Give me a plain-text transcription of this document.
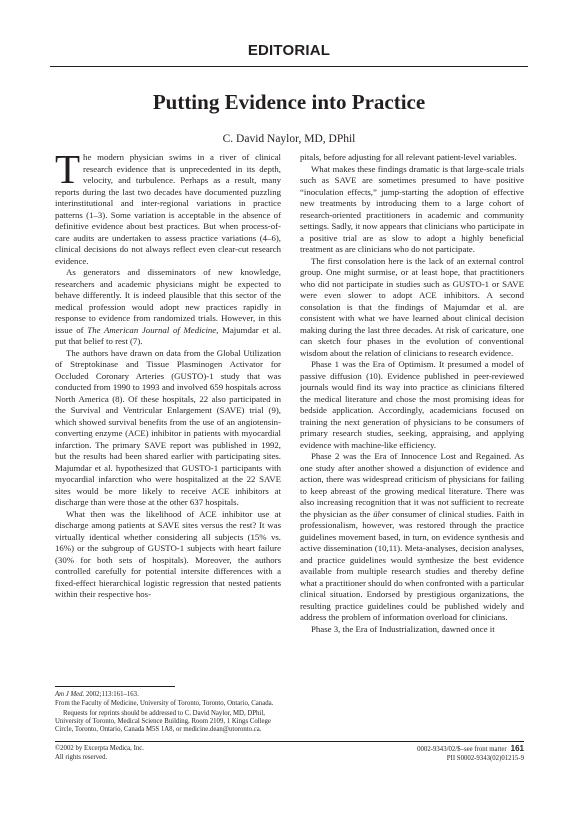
EDITORIAL
Putting Evidence into Practice
C. David Naylor, MD, DPhil

The modern physician swims in a river of clinical research evidence that is unprecedented in its depth, velocity, and turbulence. Perhaps as a result, many reports during the last two decades have documented puzzling interinstitutional and inter-regional variations in practice patterns (1–3). Some variation is acceptable in the absence of definitive evidence about best practices. But when process-of-care audits are undertaken to assess practice variations (4–6), clinical decisions do not always reflect even clear-cut research evidence.

As generators and disseminators of new knowledge, researchers and academic physicians might be expected to behave differently. It is indeed plausible that this sector of the medical profession would adopt new practices rapidly in response to evidence from randomized trials. However, in this issue of The American Journal of Medicine, Majumdar et al. put that belief to rest (7).

The authors have drawn on data from the Global Utilization of Streptokinase and Tissue Plasminogen Activator for Occluded Coronary Arteries (GUSTO)-1 study that was conducted from 1990 to 1993 and involved 659 hospitals across North America (8). Of these hospitals, 22 also participated in the Survival and Ventricular Enlargement (SAVE) trial (9), which showed survival benefits from the use of an angiotensin-converting enzyme (ACE) inhibitor in patients with myocardial infarction. The primary SAVE report was published in 1992, but the results had been shared earlier with participating sites. Majumdar et al. hypothesized that GUSTO-1 participants with myocardial infarction who were hospitalized at the 22 SAVE sites would be more likely to receive ACE inhibitors at discharge than were those at the other 637 hospitals.

What then was the likelihood of ACE inhibitor use at discharge among patients at SAVE sites versus the rest? It was virtually identical whether considering all subjects (15% vs. 16%) or the subgroup of GUSTO-1 subjects with heart failure (30% for both sets of hospitals). Moreover, the authors controlled carefully for potential intersite differences with a fixed-effect hierarchical logistic regression that nested patients within their respective hos-

pitals, before adjusting for all relevant patient-level variables.

What makes these findings dramatic is that large-scale trials such as SAVE are sometimes presumed to have positive “inoculation effects,” jump-starting the adoption of effective new treatments by introducing them to a large cohort of research-oriented practitioners in academic and community settings. Sadly, it now appears that clinicians who participate in a positive trial are as slow to adopt a highly beneficial treatment as are clinicians who do not participate.

The first consolation here is the lack of an external control group. One might surmise, or at least hope, that practitioners who did not participate in studies such as GUSTO-1 or SAVE were even slower to adopt ACE inhibitors. A second consolation is that the findings of Majumdar et al. are consistent with what we have learned about clinical decision making during the last three decades. At risk of caricature, one can sketch four phases in the evolution of conventional wisdom about the relation of clinicians to research evidence.

Phase 1 was the Era of Optimism. It presumed a model of passive diffusion (10). Evidence published in peer-reviewed journals would find its way into practice as clinicians filtered the medical literature and chose the most promising ideas for bedside application. Accordingly, academicians focused on training the next generation of physicians to be consumers of primary research studies, seeking, appraising, and applying evidence with machine-like efficiency.

Phase 2 was the Era of Innocence Lost and Regained. As one study after another showed a disjunction of evidence and action, there was widespread criticism of physicians for failing to keep abreast of the growing medical literature. There was also increasing recognition that it was not sufficient to recreate the physician as the über consumer of clinical studies. Faith in professionalism, however, was restored through the practice guidelines movement based, in turn, on evidence synthesis and active dissemination (10,11). Meta-analyses, decision analyses, and practice guidelines would synthesize the best evidence available from multiple research studies and thereby define what a practitioner should do when confronted with a particular clinical situation. Endorsed by prestigious organizations, the resulting practice guidelines could be published widely and address the problem of information overload for clinicians.

Phase 3, the Era of Industrialization, dawned once it

Am J Med. 2002;113:161–163.
From the Faculty of Medicine, University of Toronto, Toronto, Ontario, Canada.
Requests for reprints should be addressed to C. David Naylor, MD, DPhil, University of Toronto, Medical Science Building, Room 2109, 1 Kings College Circle, Toronto, Ontario, Canada M5S 1A8, or medicine.dean@utoronto.ca.
©2002 by Excerpta Medica, Inc.
All rights reserved.
0002-9343/02/$–see front matter 161
PII S0002-9343(02)01215-9
